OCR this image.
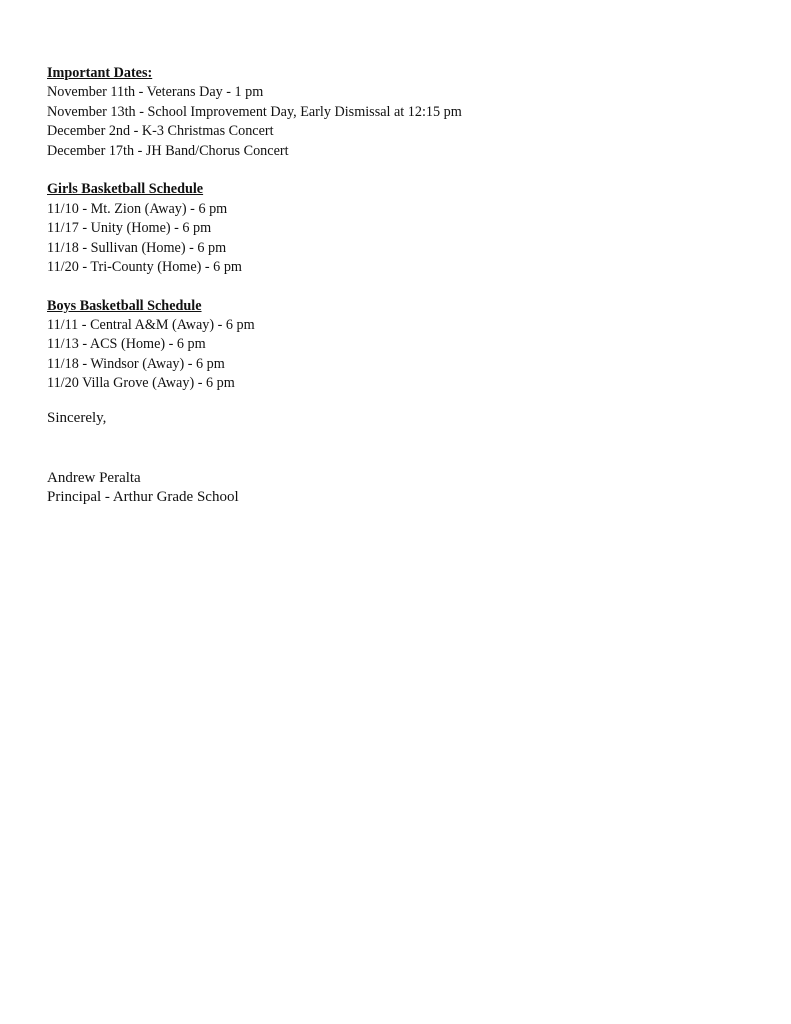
Important Dates:

November 11th - Veterans Day - 1 pm

November 13th - School Improvement Day, Early Dismissal at 12:15 pm

December 2nd - K-3 Christmas Concert

December 17th - JH Band/Chorus Concert

Girls Basketball Schedule

11/10 - Mt. Zion (Away) - 6 pm

11/17 - Unity (Home) - 6 pm

11/18 - Sullivan (Home) - 6 pm

11/20 - Tri-County (Home) - 6 pm

Boys Basketball Schedule

11/11 - Central A&M (Away) - 6 pm

11/13 - ACS (Home) - 6 pm

11/18 - Windsor (Away) - 6 pm

11/20 Villa Grove (Away) - 6 pm

Sincerely,

Andrew Peralta

Principal - Arthur Grade School
